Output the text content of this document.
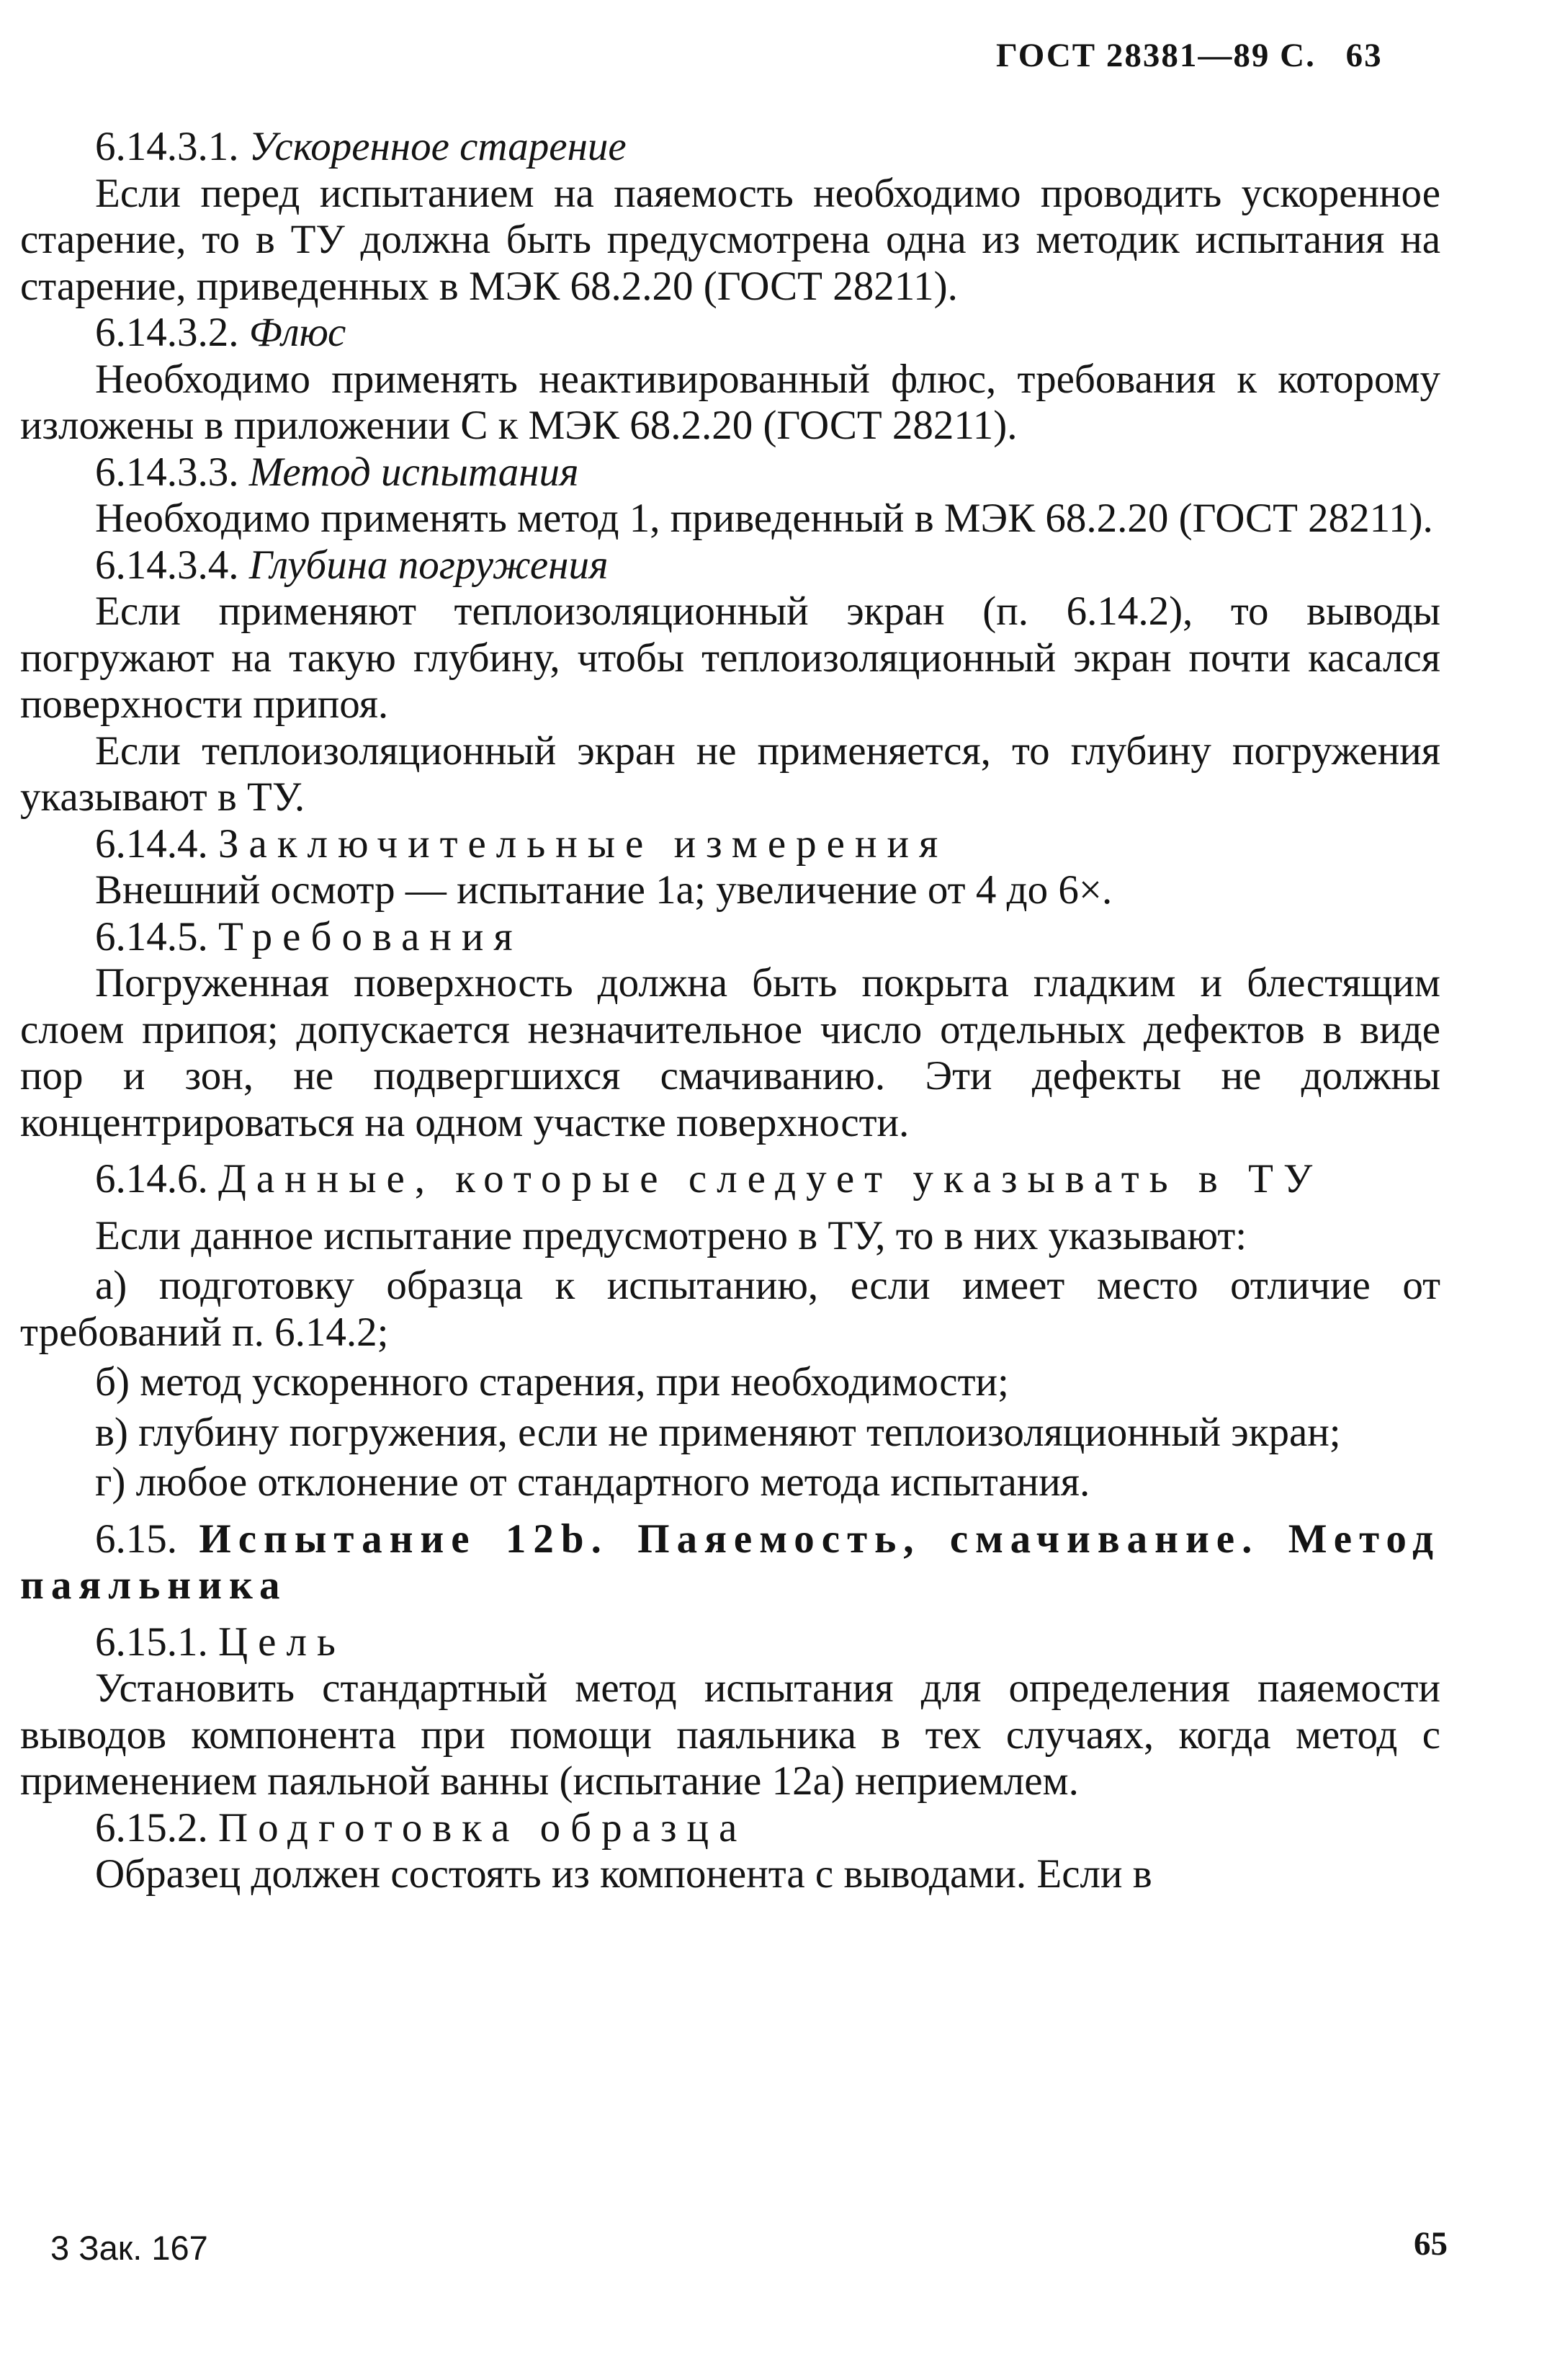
ГОСТ 28381—89 С. 63

6.14.3.1. Ускоренное старение

Если перед испытанием на паяемость необходимо проводить ускоренное старение, то в ТУ должна быть предусмотрена одна из методик испытания на старение, приведенных в МЭК 68.2.20 (ГОСТ 28211).

6.14.3.2. Флюс

Необходимо применять неактивированный флюс, требования к которому изложены в приложении С к МЭК 68.2.20 (ГОСТ 28211).

6.14.3.3. Метод испытания

Необходимо применять метод 1, приведенный в МЭК 68.2.20 (ГОСТ 28211).

6.14.3.4. Глубина погружения

Если применяют теплоизоляционный экран (п. 6.14.2), то выводы погружают на такую глубину, чтобы теплоизоляционный экран почти касался поверхности припоя.

Если теплоизоляционный экран не применяется, то глубину погружения указывают в ТУ.

6.14.4. Заключительные измерения

Внешний осмотр — испытание 1а; увеличение от 4 до 6×.

6.14.5. Требования

Погруженная поверхность должна быть покрыта гладким и блестящим слоем припоя; допускается незначительное число отдельных дефектов в виде пор и зон, не подвергшихся смачиванию. Эти дефекты не должны концентрироваться на одном участке поверхности.

6.14.6. Данные, которые следует указывать в ТУ

Если данное испытание предусмотрено в ТУ, то в них указывают:

а) подготовку образца к испытанию, если имеет место отличие от требований п. 6.14.2;

б) метод ускоренного старения, при необходимости;

в) глубину погружения, если не применяют теплоизоляционный экран;

г) любое отклонение от стандартного метода испытания.

6.15. Испытание 12b. Паяемость, смачивание. Метод паяльника

6.15.1. Цель

Установить стандартный метод испытания для определения паяемости выводов компонента при помощи паяльника в тех случаях, когда метод с применением паяльной ванны (испытание 12а) неприемлем.

6.15.2. Подготовка образца

Образец должен состоять из компонента с выводами. Если в

3 Зак. 167	65
